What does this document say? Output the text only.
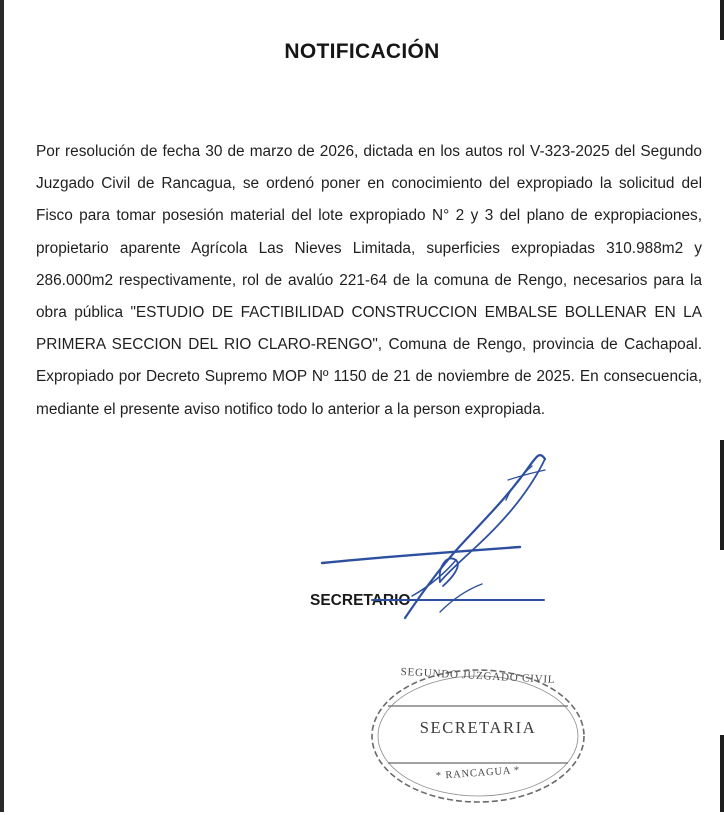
NOTIFICACIÓN
Por resolución de fecha 30 de marzo de 2026, dictada en los autos rol V-323-2025 del Segundo Juzgado Civil de Rancagua, se ordenó poner en conocimiento del expropiado la solicitud del Fisco para tomar posesión material del lote expropiado N° 2 y 3 del plano de expropiaciones, propietario aparente Agrícola Las Nieves Limitada, superficies expropiadas 310.988m2 y 286.000m2 respectivamente, rol de avalúo 221-64 de la comuna de Rengo, necesarios para la obra pública "ESTUDIO DE FACTIBILIDAD CONSTRUCCION EMBALSE BOLLENAR EN LA PRIMERA SECCION DEL RIO CLARO-RENGO", Comuna de Rengo, provincia de Cachapoal. Expropiado por Decreto Supremo MOP Nº 1150 de 21 de noviembre de 2025. En consecuencia, mediante el presente aviso notifico todo lo anterior a la person expropiada.
SECRETARIO
SEGUNDO JUZGADO CIVIL
SECRETARIA
* RANCAGUA *
